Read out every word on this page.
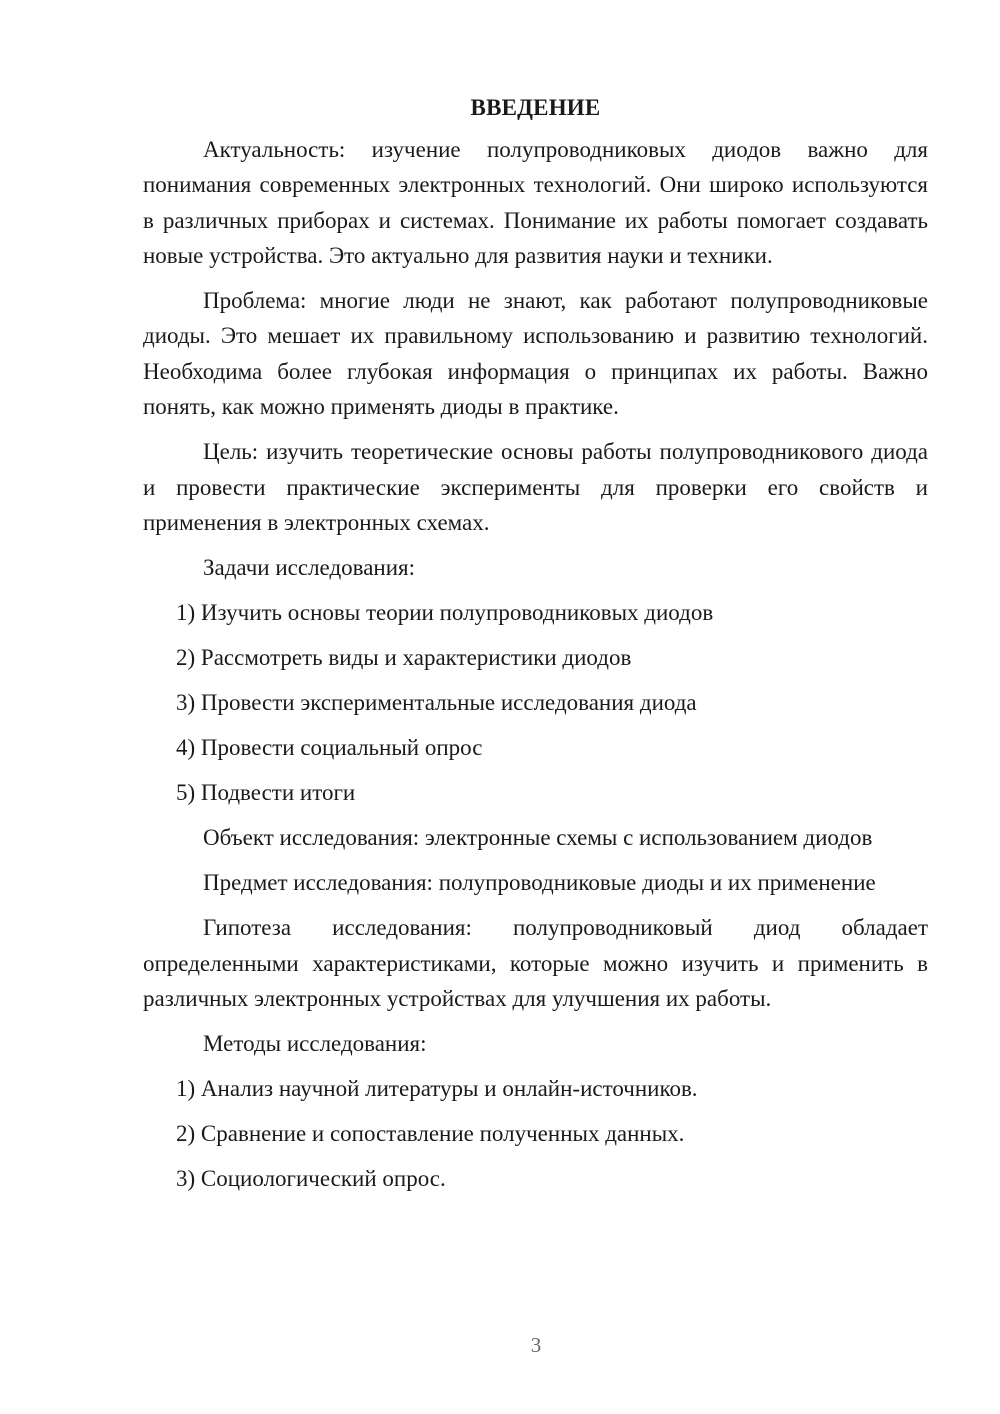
ВВЕДЕНИЕ

Актуальность: изучение полупроводниковых диодов важно для понимания современных электронных технологий. Они широко используются в различных приборах и системах. Понимание их работы помогает создавать новые устройства. Это актуально для развития науки и техники.

Проблема: многие люди не знают, как работают полупроводниковые диоды. Это мешает их правильному использованию и развитию технологий. Необходима более глубокая информация о принципах их работы. Важно понять, как можно применять диоды в практике.

Цель: изучить теоретические основы работы полупроводникового диода и провести практические эксперименты для проверки его свойств и применения в электронных схемах.

Задачи исследования:
1) Изучить основы теории полупроводниковых диодов
2) Рассмотреть виды и характеристики диодов
3) Провести экспериментальные исследования диода
4) Провести социальный опрос
5) Подвести итоги
Объект исследования: электронные схемы с использованием диодов
Предмет исследования: полупроводниковые диоды и их применение

Гипотеза исследования: полупроводниковый диод обладает определенными характеристиками, которые можно изучить и применить в различных электронных устройствах для улучшения их работы.

Методы исследования:
1) Анализ научной литературы и онлайн-источников.
2) Сравнение и сопоставление полученных данных.
3) Социологический опрос.
3
